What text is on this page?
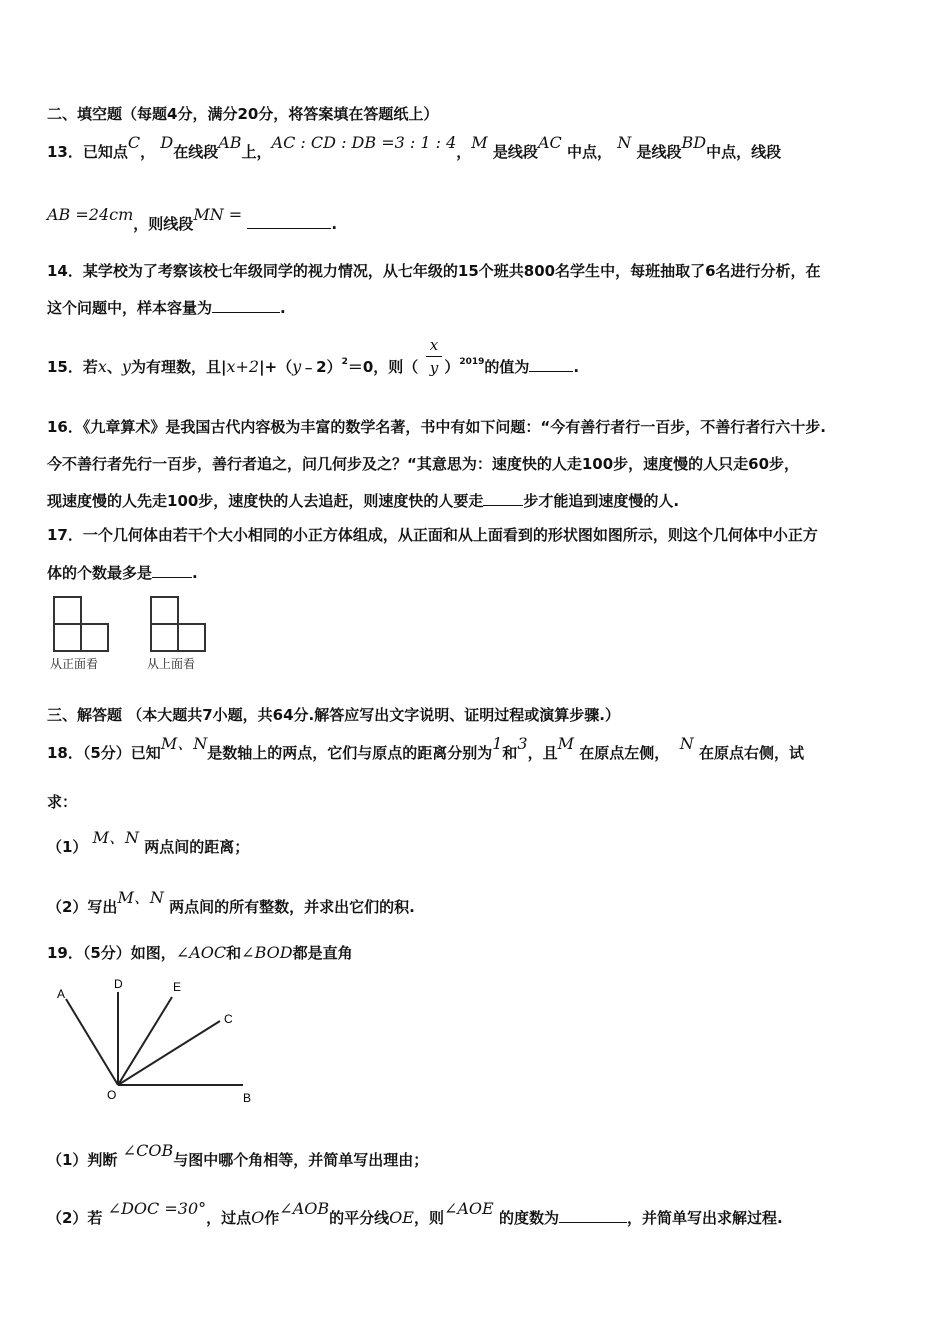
二、填空题（每题4分，满分20分，将答案填在答题纸上）
13．已知点C， D在线段AB上，AC : CD : DB =3 : 1 : 4，M 是线段AC 中点， N 是线段BD中点，线段
AB =24cm，则线段MN =	.
14．某学校为了考察该校七年级同学的视力情况，从七年级的15个班共800名学生中，每班抽取了6名进行分析，在
这个问题中，样本容量为	.
15．若x、y为有理数，且|x+2|+（y﹣2）$^2$＝0，则（ ）$^{2019}$的值为	.
x
y
16．《九章算术》是我国古代内容极为丰富的数学名著，书中有如下问题：“今有善行者行一百步，不善行者行六十步.
今不善行者先行一百步，善行者追之，问几何步及之？“其意思为：速度快的人走100步，速度慢的人只走60步，
现速度慢的人先走100步，速度快的人去追赶，则速度快的人要走	步才能追到速度慢的人.
17．一个几何体由若干个大小相同的小正方体组成，从正面和从上面看到的形状图如图所示，则这个几何体中小正方
体的个数最多是	.
从正面看	从上面看
三、解答题 （本大题共7小题，共64分.解答应写出文字说明、证明过程或演算步骤.）
18．（5分）已知M、N是数轴上的两点，它们与原点的距离分别为1和3，且M 在原点左侧， N 在原点右侧，试
求：
（1） M、N 两点间的距离；
（2）写出M、N 两点间的所有整数，并求出它们的积.
19．（5分）如图，∠AOC和∠BOD都是直角
A
D	E
C
O	B
（1）判断 ∠COB与图中哪个角相等，并简单写出理由；
（2）若 ∠DOC =30°，过点O作∠AOB的平分线OE，则∠AOE 的度数为	，并简单写出求解过程.
